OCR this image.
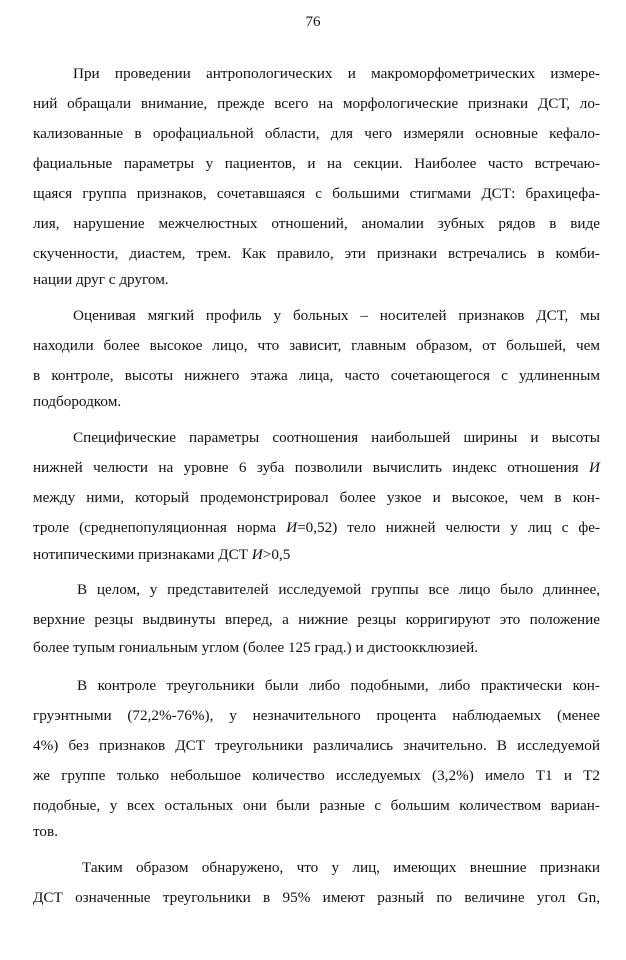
76
При проведении антропологических и макроморфометрических измере-
ний обращали внимание, прежде всего на морфологические признаки ДСТ, ло-
кализованные в орофациальной области, для чего измеряли основные кефало-
фациальные параметры у пациентов, и на секции. Наиболее часто встречаю-
щаяся группа признаков, сочетавшаяся с большими стигмами ДСТ: брахицефа-
лия, нарушение межчелюстных отношений, аномалии зубных рядов в виде
скученности, диастем, трем. Как правило, эти признаки встречались в комби-
нации друг с другом.
Оценивая мягкий профиль у больных – носителей признаков ДСТ, мы
находили более высокое лицо, что зависит, главным образом, от большей, чем
в контроле, высоты нижнего этажа лица, часто сочетающегося с удлиненным
подбородком.
Специфические параметры соотношения наибольшей ширины и высоты
нижней челюсти на уровне 6 зуба позволили вычислить индекс отношения И
между ними, который продемонстрировал более узкое и высокое, чем в кон-
троле (среднепопуляционная норма И=0,52) тело нижней челюсти у лиц с фе-
нотипическими признаками ДСТ И>0,5
В целом, у представителей исследуемой группы все лицо было длиннее,
верхние резцы выдвинуты вперед, а нижние резцы корригируют это положение
более тупым гониальным углом (более 125 град.) и дистоокклюзией.
В контроле треугольники были либо подобными, либо практически кон-
груэнтными (72,2%-76%), у незначительного процента наблюдаемых (менее
4%) без признаков ДСТ треугольники различались значительно. В исследуемой
же группе только небольшое количество исследуемых (3,2%) имело Т1 и Т2
подобные, у всех остальных они были разные с большим количеством вариан-
тов.
Таким образом обнаружено, что у лиц, имеющих внешние признаки
ДСТ означенные треугольники в 95% имеют разный по величине угол Gn,
